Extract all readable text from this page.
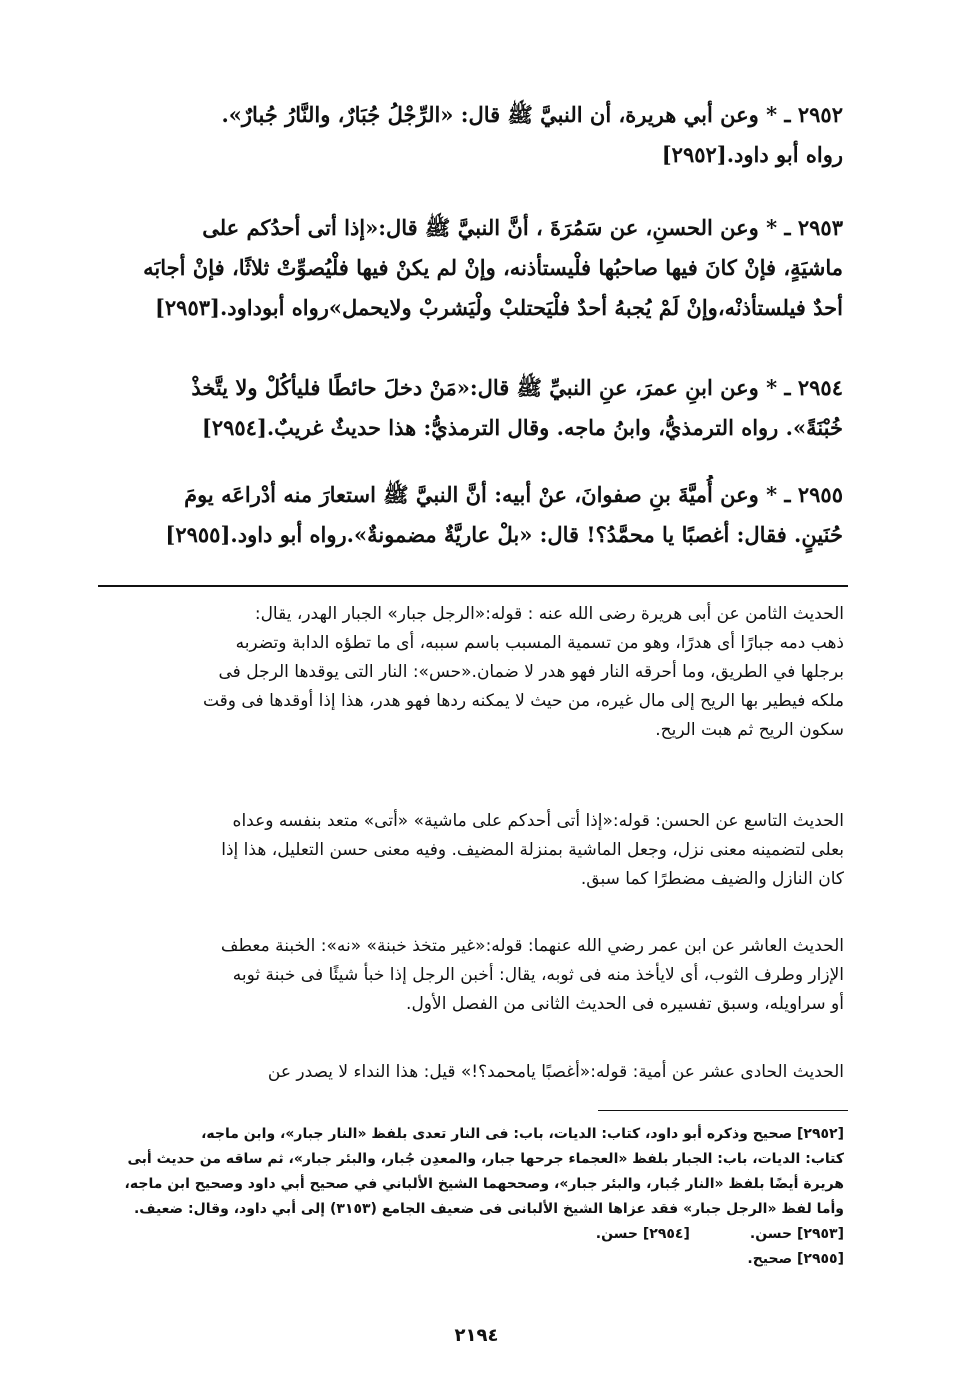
٢٩٥٢ ـ * وعن أبي هريرة، أن النبيَّ ﷺ قال: «الرِّجْلُ جُبَارٌ، والنَّارُ جُبارٌ».
رواه أبو داود.[٢٩٥٢]
٢٩٥٣ ـ * وعن الحسنِ، عن سَمُرَةَ ، أنَّ النبيَّ ﷺ قال:«إذا أتى أحدُكم على
ماشيَةٍ، فإنْ كانَ فيها صاحبُها فلْيستأذنه، وإنْ لم يكنْ فيها فلْيُصوِّتْ ثلاثًا، فإنْ أجابَه
أحدٌ فيلستأذنْه،وإنْ لَمْ يُجبهُ أحدٌ فلْيَحتلبْ ولْيَشربْ ولايحمل»رواه أبوداود.[٢٩٥٣]
٢٩٥٤ ـ * وعن ابنِ عمرَ، عنِ النبيِّ ﷺ قال:«مَنْ دخلَ حائطًا فليأكُلْ ولا يتَّخذْ
خُبْنَةً». رواه الترمذيُّ، وابنُ ماجه. وقال الترمذيُّ: هذا حديثٌ غريبٌ.[٢٩٥٤]
٢٩٥٥ ـ * وعن أُميَّةَ بنِ صفوانَ، عنْ أبيه: أنَّ النبيَّ ﷺ استعارَ منه أدْراعَه يومَ
حُنَينٍ. فقال: أغصبًا يا محمَّدُ؟! قال: «بلْ عاريَّةٌ مضمونةٌ».رواه أبو داود.[٢٩٥٥]
الحديث الثامن عن أبى هريرة رضى الله عنه : قوله:«الرجل جبار» الجبار الهدر، يقال:
ذهب دمه جبارًا أى هدرًا، وهو من تسمية المسبب باسم سببه، أى ما تطؤه الدابة وتضربه
برجلها في الطريق، وما أحرقه النار فهو هدر لا ضمان.«حس»: النار التى يوقدها الرجل فى
ملكه فيطير بها الريح إلى مال غيره، من حيث لا يمكنه ردها فهو هدر، هذا إذا أوقدها فى وقت
سكون الريح ثم هبت الريح.
الحديث التاسع عن الحسن: قوله:«إذا أتى أحدكم على ماشية» «أتى» متعد بنفسه وعداه
بعلى لتضمينه معنى نزل، وجعل الماشية بمنزلة المضيف. وفيه معنى حسن التعليل، هذا إذا
كان النازل والضيف مضطرًا كما سبق.
الحديث العاشر عن ابن عمر رضي الله عنهما: قوله:«غير متخذ خبنة» «نه»: الخبنة معطف
الإزار وطرف الثوب، أى لايأخذ منه فى ثوبه، يقال: أخبن الرجل إذا خبأ شيئًا فى خبنة ثوبه
أو سراويله، وسبق تفسيره فى الحديث الثانى من الفصل الأول.
الحديث الحادى عشر عن أمية: قوله:«أغصبًا يامحمد؟!» قيل: هذا النداء لا يصدر عن
[٢٩٥٢] صحيح وذكره أبو داود، كتاب: الديات، باب: فى النار تعدى بلفظ «النار جبار»، وابن ماجه،
كتاب: الديات، باب: الجبار بلفظ «العجماء جرحها جبار، والمعدِن جُبار، والبئر جبار»، ثم ساقه من حديث أبى
هريرة أيضًا بلفظ «النار جُبار، والبئر جبار»، وصححهما الشيخ الألباني في صحيح أبي داود وصحيح ابن ماجه،
وأما لفظ «الرجل جبار» فقد عزاها الشيخ الألبانى فى ضعيف الجامع (٣١٥٣) إلى أبي داود، وقال: ضعيف.
[٢٩٥٣] حسن.
[٢٩٥٤] حسن.
[٢٩٥٥] صحيح.
٢١٩٤
